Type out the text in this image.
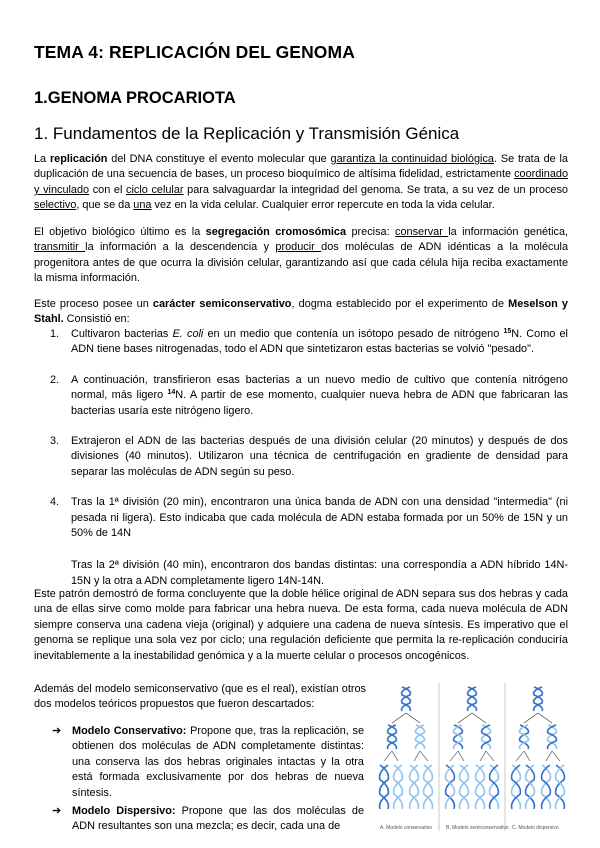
TEMA 4: REPLICACIÓN DEL GENOMA
1.GENOMA PROCARIOTA
1. Fundamentos de la Replicación y Transmisión Génica

La replicación del DNA constituye el evento molecular que garantiza la continuidad biológica. Se trata de la duplicación de una secuencia de bases, un proceso bioquímico de altísima fidelidad, estrictamente coordinado y vinculado con el ciclo celular para salvaguardar la integridad del genoma. Se trata, a su vez de un proceso selectivo, que se da una vez en la vida celular. Cualquier error repercute en toda la vida celular.

El objetivo biológico último es la segregación cromosómica precisa: conservar la información genética, transmitir la información a la descendencia y producir dos moléculas de ADN idénticas a la molécula progenitora antes de que ocurra la división celular, garantizando así que cada célula hija reciba exactamente la misma información.

Este proceso posee un carácter semiconservativo, dogma establecido por el experimento de Meselson y Stahl. Consistió en:

1. Cultivaron bacterias E. coli en un medio que contenía un isótopo pesado de nitrógeno $^{15}$N. Como el ADN tiene bases nitrogenadas, todo el ADN que sintetizaron estas bacterias se volvió "pesado".
2. A continuación, transfirieron esas bacterias a un nuevo medio de cultivo que contenía nitrógeno normal, más ligero $^{14}$N. A partir de ese momento, cualquier nueva hebra de ADN que fabricaran las bacterias usaría este nitrógeno ligero.
3. Extrajeron el ADN de las bacterias después de una división celular (20 minutos) y después de dos divisiones (40 minutos). Utilizaron una técnica de centrifugación en gradiente de densidad para separar las moléculas de ADN según su peso.
4. Tras la 1ª división (20 min), encontraron una única banda de ADN con una densidad "intermedia" (ni pesada ni ligera). Esto indicaba que cada molécula de ADN estaba formada por un 50% de 15N y un 50% de 14N
Tras la 2ª división (40 min), encontraron dos bandas distintas: una correspondía a ADN híbrido 14N-15N y la otra a ADN completamente ligero 14N-14N.

Este patrón demostró de forma concluyente que la doble hélice original de ADN separa sus dos hebras y cada una de ellas sirve como molde para fabricar una hebra nueva. De esta forma, cada nueva molécula de ADN siempre conserva una cadena vieja (original) y adquiere una cadena de nueva síntesis. Es imperativo que el genoma se replique una sola vez por ciclo; una regulación deficiente que permita la re-replicación conduciría inevitablemente a la inestabilidad genómica y a la muerte celular o procesos oncogénicos.

Además del modelo semiconservativo (que es el real), existían otros dos modelos teóricos propuestos que fueron descartados:
➔ Modelo Conservativo: Propone que, tras la replicación, se obtienen dos moléculas de ADN completamente distintas: una conserva las dos hebras originales intactas y la otra está formada exclusivamente por dos hebras de nueva síntesis.
➔ Modelo Dispersivo: Propone que las dos moléculas de ADN resultantes son una mezcla; es decir, cada una de	A. Modelo conservativo	B. Modelo semiconservativo C. Modelo dispersivo
